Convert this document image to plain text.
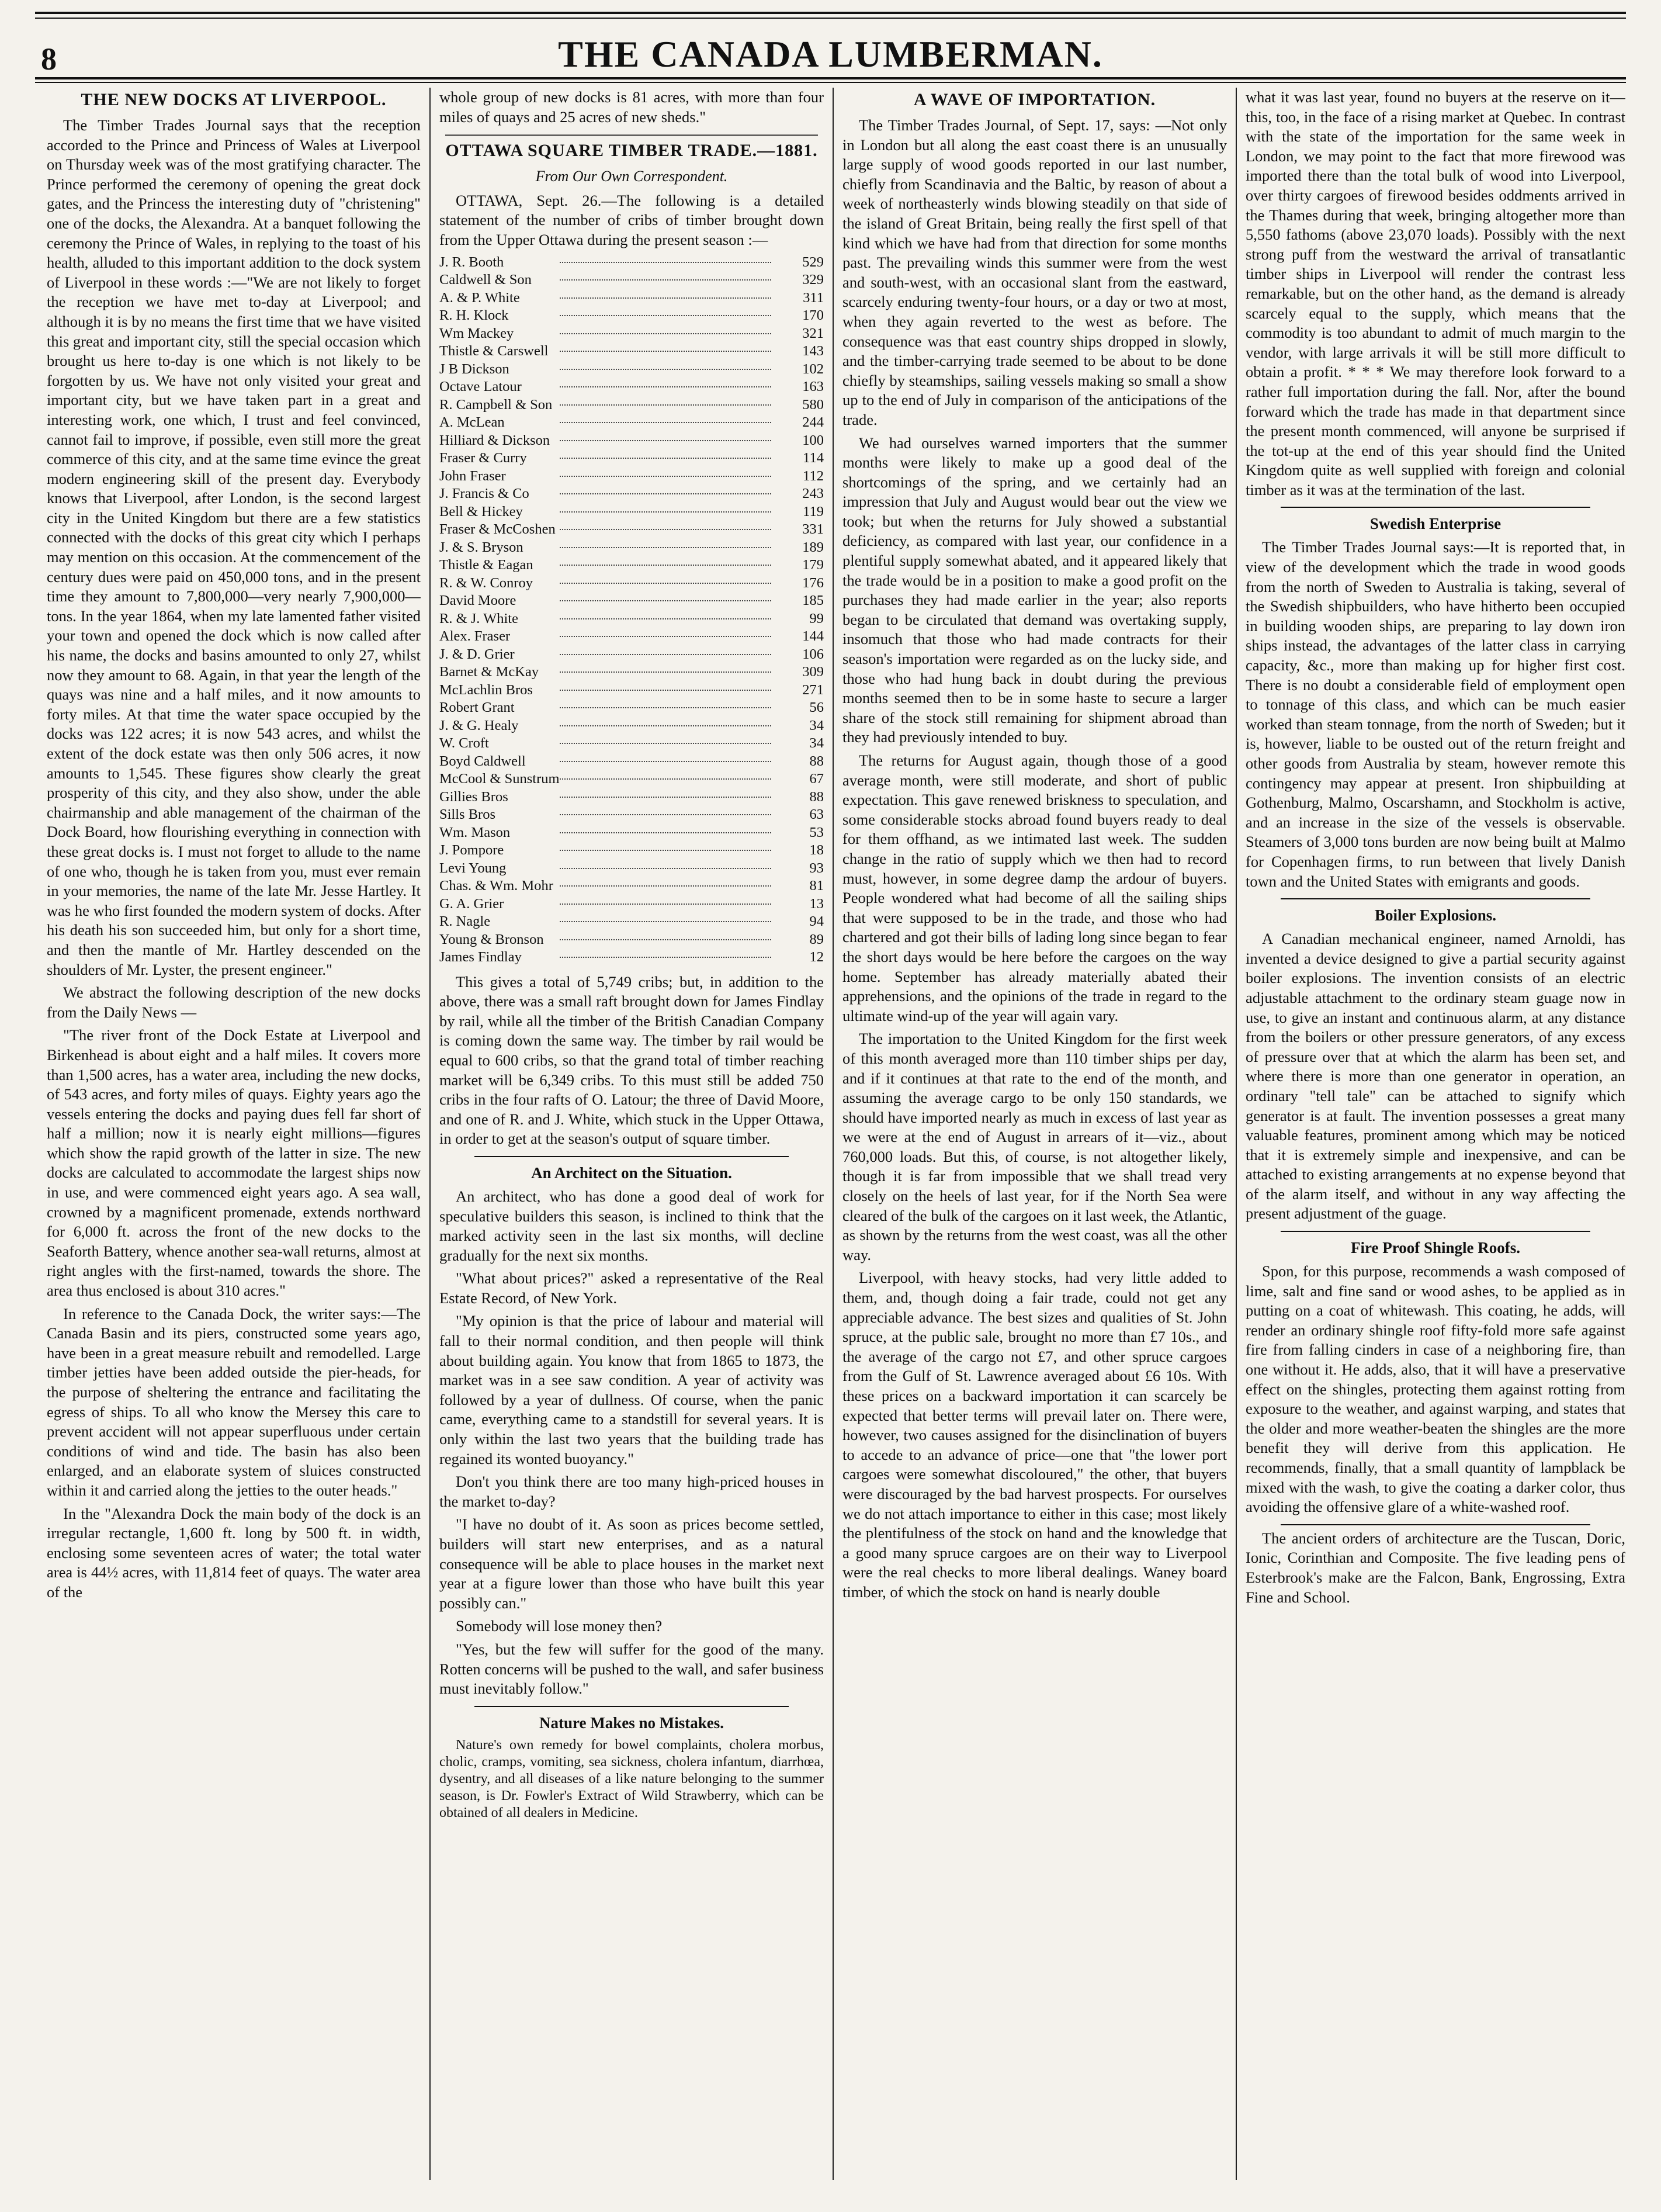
8	THE CANADA LUMBERMAN.
THE NEW DOCKS AT LIVERPOOL.

The Timber Trades Journal says that the reception accorded to the Prince and Princess of Wales at Liverpool on Thursday week was of the most gratifying character. The Prince performed the ceremony of opening the great dock gates, and the Princess the interesting duty of "christening" one of the docks, the Alexandra. At a banquet following the ceremony the Prince of Wales, in replying to the toast of his health, alluded to this important addition to the dock system of Liverpool in these words :—"We are not likely to forget the reception we have met to-day at Liverpool; and although it is by no means the first time that we have visited this great and important city, still the special occasion which brought us here to-day is one which is not likely to be forgotten by us. We have not only visited your great and important city, but we have taken part in a great and interesting work, one which, I trust and feel convinced, cannot fail to improve, if possible, even still more the great commerce of this city, and at the same time evince the great modern engineering skill of the present day. Everybody knows that Liverpool, after London, is the second largest city in the United Kingdom but there are a few statistics connected with the docks of this great city which I perhaps may mention on this occasion. At the commencement of the century dues were paid on 450,000 tons, and in the present time they amount to 7,800,000—very nearly 7,900,000—tons. In the year 1864, when my late lamented father visited your town and opened the dock which is now called after his name, the docks and basins amounted to only 27, whilst now they amount to 68. Again, in that year the length of the quays was nine and a half miles, and it now amounts to forty miles. At that time the water space occupied by the docks was 122 acres; it is now 543 acres, and whilst the extent of the dock estate was then only 506 acres, it now amounts to 1,545. These figures show clearly the great prosperity of this city, and they also show, under the able chairmanship and able management of the chairman of the Dock Board, how flourishing everything in connection with these great docks is. I must not forget to allude to the name of one who, though he is taken from you, must ever remain in your memories, the name of the late Mr. Jesse Hartley. It was he who first founded the modern system of docks. After his death his son succeeded him, but only for a short time, and then the mantle of Mr. Hartley descended on the shoulders of Mr. Lyster, the present engineer."

We abstract the following description of the new docks from the Daily News —

"The river front of the Dock Estate at Liverpool and Birkenhead is about eight and a half miles. It covers more than 1,500 acres, has a water area, including the new docks, of 543 acres, and forty miles of quays. Eighty years ago the vessels entering the docks and paying dues fell far short of half a million; now it is nearly eight millions—figures which show the rapid growth of the latter in size. The new docks are calculated to accommodate the largest ships now in use, and were commenced eight years ago. A sea wall, crowned by a magnificent promenade, extends northward for 6,000 ft. across the front of the new docks to the Seaforth Battery, whence another sea-wall returns, almost at right angles with the first-named, towards the shore. The area thus enclosed is about 310 acres."

In reference to the Canada Dock, the writer says:—The Canada Basin and its piers, constructed some years ago, have been in a great measure rebuilt and remodelled. Large timber jetties have been added outside the pier-heads, for the purpose of sheltering the entrance and facilitating the egress of ships. To all who know the Mersey this care to prevent accident will not appear superfluous under certain conditions of wind and tide. The basin has also been enlarged, and an elaborate system of sluices constructed within it and carried along the jetties to the outer heads."

In the "Alexandra Dock the main body of the dock is an irregular rectangle, 1,600 ft. long by 500 ft. in width, enclosing some seventeen acres of water; the total water area is 44½ acres, with 11,814 feet of quays. The water area of the

whole group of new docks is 81 acres, with more than four miles of quays and 25 acres of new sheds."

OTTAWA SQUARE TIMBER TRADE.—1881.

From Our Own Correspondent.

OTTAWA, Sept. 26.—The following is a detailed statement of the number of cribs of timber brought down from the Upper Ottawa during the present season :—

J. R. Booth		529
Caldwell & Son		329
A. & P. White		311
R. H. Klock		170
Wm Mackey		321
Thistle & Carswell		143
J B Dickson		102
Octave Latour		163
R. Campbell & Son		580
A. McLean		244
Hilliard & Dickson		100
Fraser & Curry		114
John Fraser		112
J. Francis & Co		243
Bell & Hickey		119
Fraser & McCoshen		331
J. & S. Bryson		189
Thistle & Eagan		179
R. & W. Conroy		176
David Moore		185
R. & J. White		99
Alex. Fraser		144
J. & D. Grier		106
Barnet & McKay		309
McLachlin Bros		271
Robert Grant		56
J. & G. Healy		34
W. Croft		34
Boyd Caldwell		88
McCool & Sunstrum		67
Gillies Bros		88
Sills Bros		63
Wm. Mason		53
J. Pompore		18
Levi Young		93
Chas. & Wm. Mohr		81
G. A. Grier		13
R. Nagle		94
Young & Bronson		89
James Findlay		12

This gives a total of 5,749 cribs; but, in addition to the above, there was a small raft brought down for James Findlay by rail, while all the timber of the British Canadian Company is coming down the same way. The timber by rail would be equal to 600 cribs, so that the grand total of timber reaching market will be 6,349 cribs. To this must still be added 750 cribs in the four rafts of O. Latour; the three of David Moore, and one of R. and J. White, which stuck in the Upper Ottawa, in order to get at the season's output of square timber.

An Architect on the Situation.

An architect, who has done a good deal of work for speculative builders this season, is inclined to think that the marked activity seen in the last six months, will decline gradually for the next six months.

"What about prices?" asked a representative of the Real Estate Record, of New York.

"My opinion is that the price of labour and material will fall to their normal condition, and then people will think about building again. You know that from 1865 to 1873, the market was in a see saw condition. A year of activity was followed by a year of dullness. Of course, when the panic came, everything came to a standstill for several years. It is only within the last two years that the building trade has regained its wonted buoyancy."

Don't you think there are too many high-priced houses in the market to-day?

"I have no doubt of it. As soon as prices become settled, builders will start new enterprises, and as a natural consequence will be able to place houses in the market next year at a figure lower than those who have built this year possibly can."

Somebody will lose money then?

"Yes, but the few will suffer for the good of the many. Rotten concerns will be pushed to the wall, and safer business must inevitably follow."

Nature Makes no Mistakes.

Nature's own remedy for bowel complaints, cholera morbus, cholic, cramps, vomiting, sea sickness, cholera infantum, diarrhœa, dysentry, and all diseases of a like nature belonging to the summer season, is Dr. Fowler's Extract of Wild Strawberry, which can be obtained of all dealers in Medicine.

A WAVE OF IMPORTATION.

The Timber Trades Journal, of Sept. 17, says: —Not only in London but all along the east coast there is an unusually large supply of wood goods reported in our last number, chiefly from Scandinavia and the Baltic, by reason of about a week of northeasterly winds blowing steadily on that side of the island of Great Britain, being really the first spell of that kind which we have had from that direction for some months past. The prevailing winds this summer were from the west and south-west, with an occasional slant from the eastward, scarcely enduring twenty-four hours, or a day or two at most, when they again reverted to the west as before. The consequence was that east country ships dropped in slowly, and the timber-carrying trade seemed to be about to be done chiefly by steamships, sailing vessels making so small a show up to the end of July in comparison of the anticipations of the trade.

We had ourselves warned importers that the summer months were likely to make up a good deal of the shortcomings of the spring, and we certainly had an impression that July and August would bear out the view we took; but when the returns for July showed a substantial deficiency, as compared with last year, our confidence in a plentiful supply somewhat abated, and it appeared likely that the trade would be in a position to make a good profit on the purchases they had made earlier in the year; also reports began to be circulated that demand was overtaking supply, insomuch that those who had made contracts for their season's importation were regarded as on the lucky side, and those who had hung back in doubt during the previous months seemed then to be in some haste to secure a larger share of the stock still remaining for shipment abroad than they had previously intended to buy.

The returns for August again, though those of a good average month, were still moderate, and short of public expectation. This gave renewed briskness to speculation, and some considerable stocks abroad found buyers ready to deal for them offhand, as we intimated last week. The sudden change in the ratio of supply which we then had to record must, however, in some degree damp the ardour of buyers. People wondered what had become of all the sailing ships that were supposed to be in the trade, and those who had chartered and got their bills of lading long since began to fear the short days would be here before the cargoes on the way home. September has already materially abated their apprehensions, and the opinions of the trade in regard to the ultimate wind-up of the year will again vary.

The importation to the United Kingdom for the first week of this month averaged more than 110 timber ships per day, and if it continues at that rate to the end of the month, and assuming the average cargo to be only 150 standards, we should have imported nearly as much in excess of last year as we were at the end of August in arrears of it—viz., about 760,000 loads. But this, of course, is not altogether likely, though it is far from impossible that we shall tread very closely on the heels of last year, for if the North Sea were cleared of the bulk of the cargoes on it last week, the Atlantic, as shown by the returns from the west coast, was all the other way.

Liverpool, with heavy stocks, had very little added to them, and, though doing a fair trade, could not get any appreciable advance. The best sizes and qualities of St. John spruce, at the public sale, brought no more than £7 10s., and the average of the cargo not £7, and other spruce cargoes from the Gulf of St. Lawrence averaged about £6 10s. With these prices on a backward importation it can scarcely be expected that better terms will prevail later on. There were, however, two causes assigned for the disinclination of buyers to accede to an advance of price—one that "the lower port cargoes were somewhat discoloured," the other, that buyers were discouraged by the bad harvest prospects. For ourselves we do not attach importance to either in this case; most likely the plentifulness of the stock on hand and the knowledge that a good many spruce cargoes are on their way to Liverpool were the real checks to more liberal dealings. Waney board timber, of which the stock on hand is nearly double

what it was last year, found no buyers at the reserve on it—this, too, in the face of a rising market at Quebec. In contrast with the state of the importation for the same week in London, we may point to the fact that more firewood was imported there than the total bulk of wood into Liverpool, over thirty cargoes of firewood besides oddments arrived in the Thames during that week, bringing altogether more than 5,550 fathoms (above 23,070 loads). Possibly with the next strong puff from the westward the arrival of transatlantic timber ships in Liverpool will render the contrast less remarkable, but on the other hand, as the demand is already scarcely equal to the supply, which means that the commodity is too abundant to admit of much margin to the vendor, with large arrivals it will be still more difficult to obtain a profit. * * * We may therefore look forward to a rather full importation during the fall. Nor, after the bound forward which the trade has made in that department since the present month commenced, will anyone be surprised if the tot-up at the end of this year should find the United Kingdom quite as well supplied with foreign and colonial timber as it was at the termination of the last.

Swedish Enterprise

The Timber Trades Journal says:—It is reported that, in view of the development which the trade in wood goods from the north of Sweden to Australia is taking, several of the Swedish shipbuilders, who have hitherto been occupied in building wooden ships, are preparing to lay down iron ships instead, the advantages of the latter class in carrying capacity, &c., more than making up for higher first cost. There is no doubt a considerable field of employment open to tonnage of this class, and which can be much easier worked than steam tonnage, from the north of Sweden; but it is, however, liable to be ousted out of the return freight and other goods from Australia by steam, however remote this contingency may appear at present. Iron shipbuilding at Gothenburg, Malmo, Oscarshamn, and Stockholm is active, and an increase in the size of the vessels is observable. Steamers of 3,000 tons burden are now being built at Malmo for Copenhagen firms, to run between that lively Danish town and the United States with emigrants and goods.

Boiler Explosions.

A Canadian mechanical engineer, named Arnoldi, has invented a device designed to give a partial security against boiler explosions. The invention consists of an electric adjustable attachment to the ordinary steam guage now in use, to give an instant and continuous alarm, at any distance from the boilers or other pressure generators, of any excess of pressure over that at which the alarm has been set, and where there is more than one generator in operation, an ordinary "tell tale" can be attached to signify which generator is at fault. The invention possesses a great many valuable features, prominent among which may be noticed that it is extremely simple and inexpensive, and can be attached to existing arrangements at no expense beyond that of the alarm itself, and without in any way affecting the present adjustment of the guage.

Fire Proof Shingle Roofs.

Spon, for this purpose, recommends a wash composed of lime, salt and fine sand or wood ashes, to be applied as in putting on a coat of whitewash. This coating, he adds, will render an ordinary shingle roof fifty-fold more safe against fire from falling cinders in case of a neighboring fire, than one without it. He adds, also, that it will have a preservative effect on the shingles, protecting them against rotting from exposure to the weather, and against warping, and states that the older and more weather-beaten the shingles are the more benefit they will derive from this application. He recommends, finally, that a small quantity of lampblack be mixed with the wash, to give the coating a darker color, thus avoiding the offensive glare of a white-washed roof.

The ancient orders of architecture are the Tuscan, Doric, Ionic, Corinthian and Composite. The five leading pens of Esterbrook's make are the Falcon, Bank, Engrossing, Extra Fine and School.
